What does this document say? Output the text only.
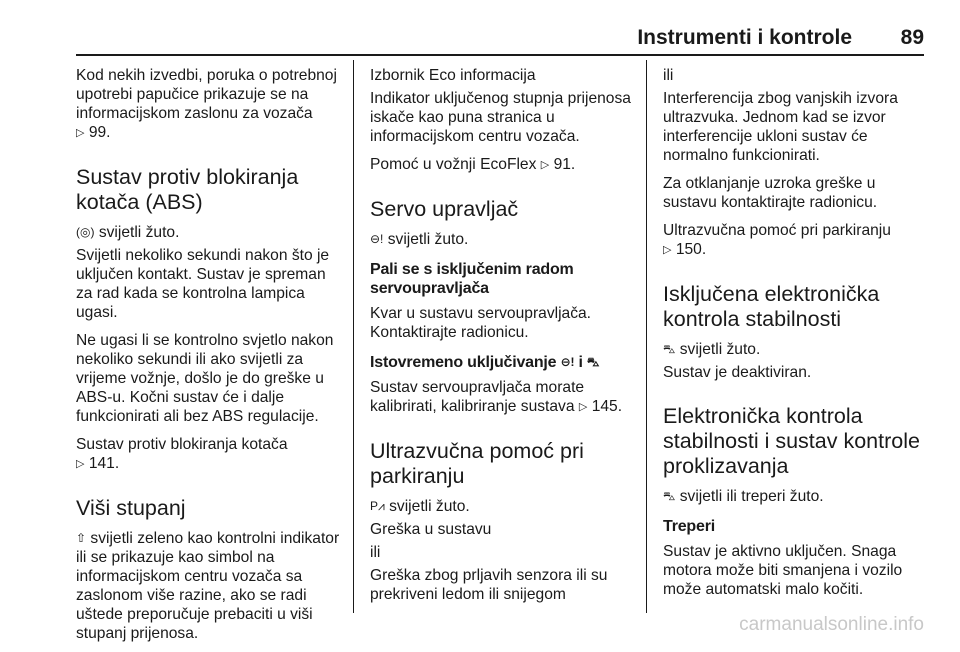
Instrumenti i kontrole 89

Kod nekih izvedbi, poruka o potrebnoj upotrebi papučice prikazuje se na informacijskom zaslonu za vozača
▷ 99.

Sustav protiv blokiranja kotača (ABS)

(◎) svijetli žuto.

Svijetli nekoliko sekundi nakon što je uključen kontakt. Sustav je spreman za rad kada se kontrolna lampica ugasi.

Ne ugasi li se kontrolno svjetlo nakon nekoliko sekundi ili ako svijetli za vrijeme vožnje, došlo je do greške u ABS-u. Kočni sustav će i dalje funkcionirati ali bez ABS regulacije.

Sustav protiv blokiranja kotača
▷ 141.

Viši stupanj

⇧ svijetli zeleno kao kontrolni indikator ili se prikazuje kao simbol na informacijskom centru vozača sa zaslonom više razine, ako se radi uštede preporučuje prebaciti u viši stupanj prijenosa.

Izbornik Eco informacija

Indikator uključenog stupnja prijenosa iskače kao puna stranica u informacijskom centru vozača.

Pomoć u vožnji EcoFlex ▷ 91.

Servo upravljač

⊖! svijetli žuto.

Pali se s isključenim radom servoupravljača

Kvar u sustavu servoupravljača. Kontaktirajte radionicu.

Istovremeno uključivanje ⊖! i ⛍

Sustav servoupravljača morate kalibrirati, kalibriranje sustava ▷ 145.

Ultrazvučna pomoć pri parkiranju

P⩘ svijetli žuto.

Greška u sustavu

ili

Greška zbog prljavih senzora ili su prekriveni ledom ili snijegom

ili

Interferencija zbog vanjskih izvora ultrazvuka. Jednom kad se izvor interferencije ukloni sustav će normalno funkcionirati.

Za otklanjanje uzroka greške u sustavu kontaktirajte radionicu.

Ultrazvučna pomoć pri parkiranju
▷ 150.

Isključena elektronička kontrola stabilnosti

⛍ svijetli žuto.

Sustav je deaktiviran.

Elektronička kontrola stabilnosti i sustav kontrole proklizavanja

⛍ svijetli ili treperi žuto.

Treperi

Sustav je aktivno uključen. Snaga motora može biti smanjena i vozilo može automatski malo kočiti.

carmanualsonline.info
